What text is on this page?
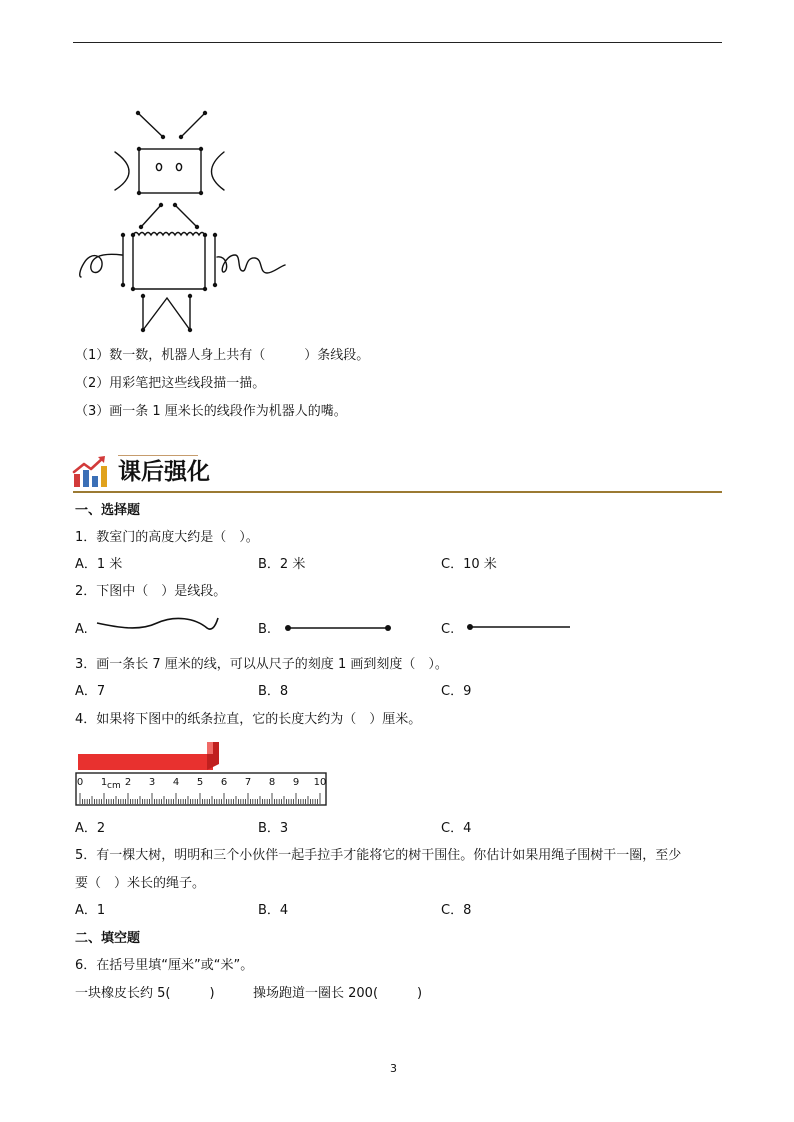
（1）数一数，机器人身上共有（　　　）条线段。
（2）用彩笔把这些线段描一描。
（3）画一条 1 厘米长的线段作为机器人的嘴。
课后强化
一、选择题
1．教室门的高度大约是（　）。
A．1 米	B．2 米	C．10 米
2．下图中（　）是线段。
A.	B.	C.
3．画一条长 7 厘米的线，可以从尺子的刻度 1 画到刻度（　）。
A．7	B．8	C．9
4．如果将下图中的纸条拉直，它的长度大约为（　）厘米。
0 1 2 3 4 5 6 7 8 9 10
cm
A．2	B．3	C．4
5．有一棵大树，明明和三个小伙伴一起手拉手才能将它的树干围住。你估计如果用绳子围树干一圈，至少
要（　）米长的绳子。
A．1	B．4	C．8
二、填空题
6．在括号里填“厘米”或“米”。
一块橡皮长约 5(　　　)	操场跑道一圈长 200(　　　)
3
